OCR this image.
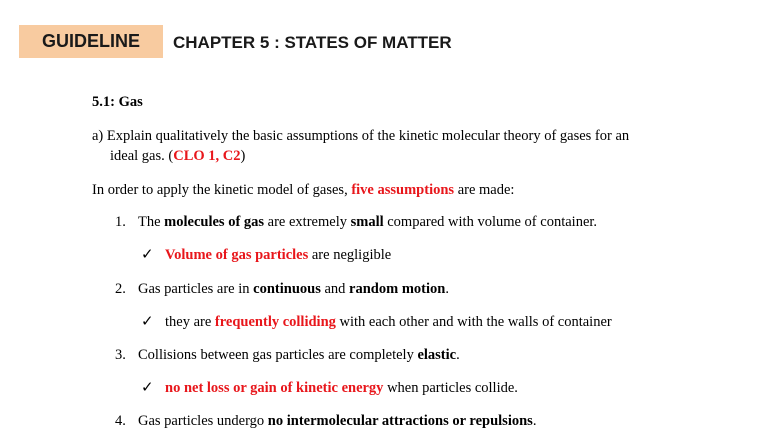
GUIDELINE	CHAPTER 5 : STATES OF MATTER
5.1: Gas
a) Explain qualitatively the basic assumptions of the kinetic molecular theory of gases for an
ideal gas. (CLO 1, C2)
In order to apply the kinetic model of gases, five assumptions are made:
1. The molecules of gas are extremely small compared with volume of container.
✓ Volume of gas particles are negligible
2. Gas particles are in continuous and random motion.
✓ they are frequently colliding with each other and with the walls of container
3. Collisions between gas particles are completely elastic.
✓ no net loss or gain of kinetic energy when particles collide.
4. Gas particles undergo no intermolecular attractions or repulsions.
